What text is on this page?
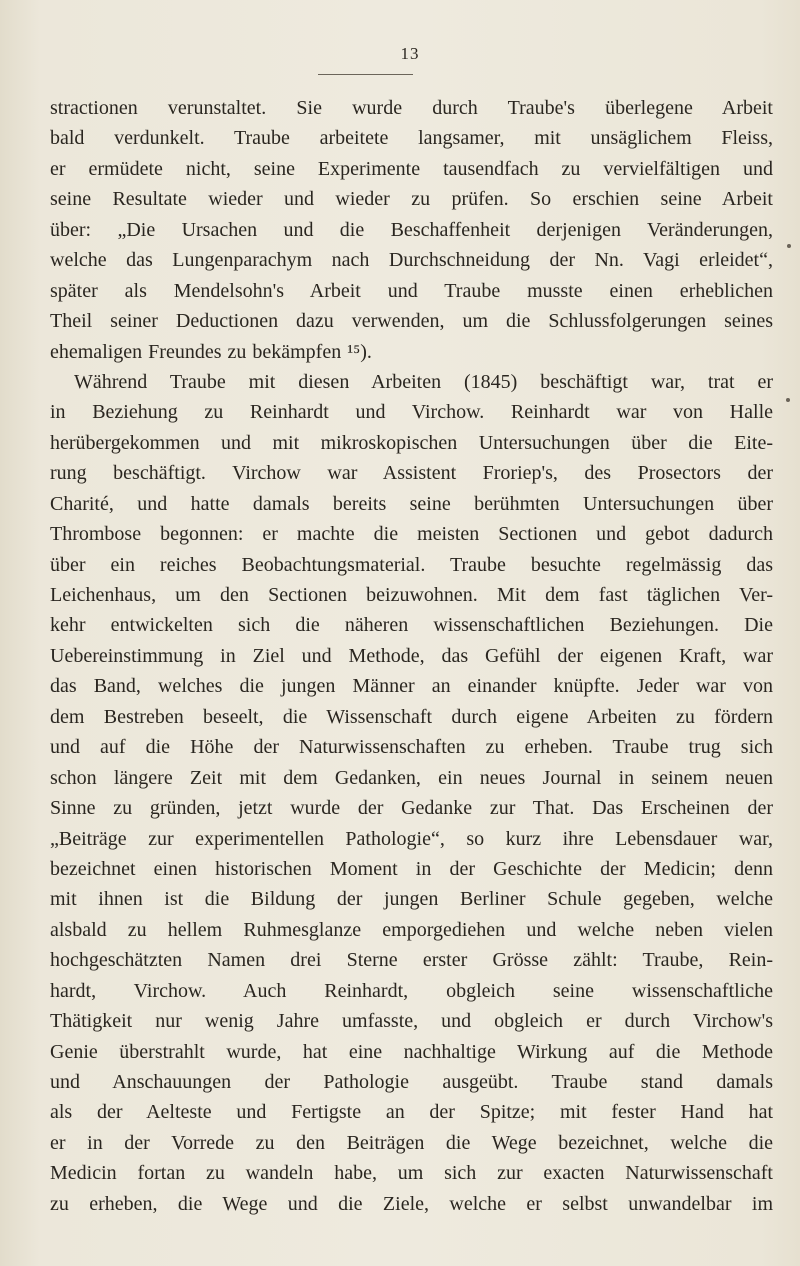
13
stractionen verunstaltet. Sie wurde durch Traube's überlegene Arbeit
bald verdunkelt. Traube arbeitete langsamer, mit unsäglichem Fleiss,
er ermüdete nicht, seine Experimente tausendfach zu vervielfältigen und
seine Resultate wieder und wieder zu prüfen. So erschien seine Arbeit
über: „Die Ursachen und die Beschaffenheit derjenigen Veränderungen,
welche das Lungenparachym nach Durchschneidung der Nn. Vagi erleidet“,
später als Mendelsohn's Arbeit und Traube musste einen erheblichen
Theil seiner Deductionen dazu verwenden, um die Schlussfolgerungen seines
ehemaligen Freundes zu bekämpfen ¹⁵).
Während Traube mit diesen Arbeiten (1845) beschäftigt war, trat er
in Beziehung zu Reinhardt und Virchow. Reinhardt war von Halle
herübergekommen und mit mikroskopischen Untersuchungen über die Eite-
rung beschäftigt. Virchow war Assistent Froriep's, des Prosectors der
Charité, und hatte damals bereits seine berühmten Untersuchungen über
Thrombose begonnen: er machte die meisten Sectionen und gebot dadurch
über ein reiches Beobachtungsmaterial. Traube besuchte regelmässig das
Leichenhaus, um den Sectionen beizuwohnen. Mit dem fast täglichen Ver-
kehr entwickelten sich die näheren wissenschaftlichen Beziehungen. Die
Uebereinstimmung in Ziel und Methode, das Gefühl der eigenen Kraft, war
das Band, welches die jungen Männer an einander knüpfte. Jeder war von
dem Bestreben beseelt, die Wissenschaft durch eigene Arbeiten zu fördern
und auf die Höhe der Naturwissenschaften zu erheben. Traube trug sich
schon längere Zeit mit dem Gedanken, ein neues Journal in seinem neuen
Sinne zu gründen, jetzt wurde der Gedanke zur That. Das Erscheinen der
„Beiträge zur experimentellen Pathologie“, so kurz ihre Lebensdauer war,
bezeichnet einen historischen Moment in der Geschichte der Medicin; denn
mit ihnen ist die Bildung der jungen Berliner Schule gegeben, welche
alsbald zu hellem Ruhmesglanze emporgediehen und welche neben vielen
hochgeschätzten Namen drei Sterne erster Grösse zählt: Traube, Rein-
hardt, Virchow. Auch Reinhardt, obgleich seine wissenschaftliche
Thätigkeit nur wenig Jahre umfasste, und obgleich er durch Virchow's
Genie überstrahlt wurde, hat eine nachhaltige Wirkung auf die Methode
und Anschauungen der Pathologie ausgeübt. Traube stand damals
als der Aelteste und Fertigste an der Spitze; mit fester Hand hat
er in der Vorrede zu den Beiträgen die Wege bezeichnet, welche die
Medicin fortan zu wandeln habe, um sich zur exacten Naturwissenschaft
zu erheben, die Wege und die Ziele, welche er selbst unwandelbar im
